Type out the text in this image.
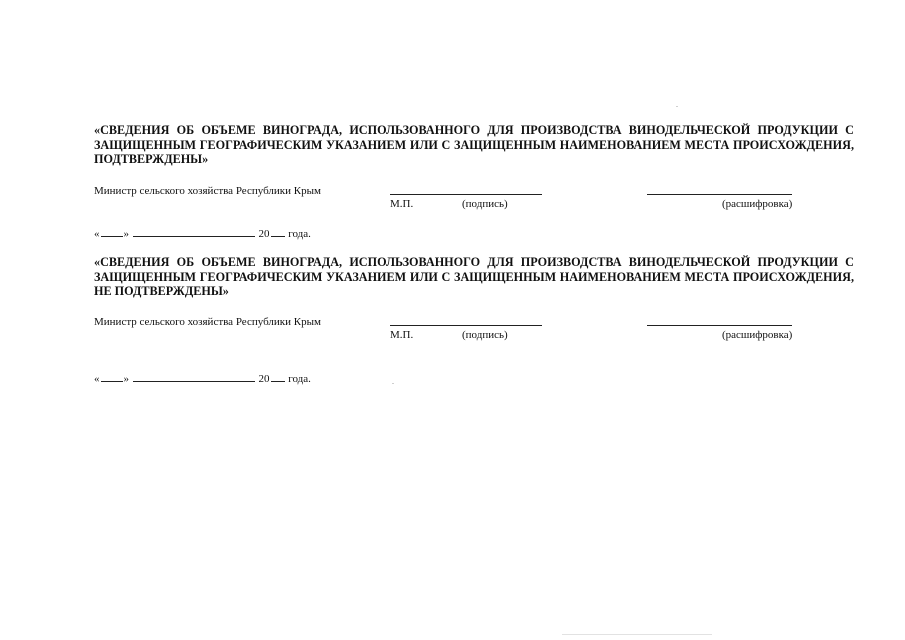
«СВЕДЕНИЯ ОБ ОБЪЕМЕ ВИНОГРАДА, ИСПОЛЬЗОВАННОГО ДЛЯ ПРОИЗВОДСТВА ВИНОДЕЛЬЧЕСКОЙ ПРОДУКЦИИ С ЗАЩИЩЕННЫМ ГЕОГРАФИЧЕСКИМ УКАЗАНИЕМ ИЛИ С ЗАЩИЩЕННЫМ НАИМЕНОВАНИЕМ МЕСТА ПРОИСХОЖДЕНИЯ, ПОДТВЕРЖДЕНЫ»
Министр сельского хозяйства Республики Крым
М.П.	(подпись)	(расшифровка)
« »	20 года.
«СВЕДЕНИЯ ОБ ОБЪЕМЕ ВИНОГРАДА, ИСПОЛЬЗОВАННОГО ДЛЯ ПРОИЗВОДСТВА ВИНОДЕЛЬЧЕСКОЙ ПРОДУКЦИИ С ЗАЩИЩЕННЫМ ГЕОГРАФИЧЕСКИМ УКАЗАНИЕМ ИЛИ С ЗАЩИЩЕННЫМ НАИМЕНОВАНИЕМ МЕСТА ПРОИСХОЖДЕНИЯ, НЕ ПОДТВЕРЖДЕНЫ»
Министр сельского хозяйства Республики Крым
М.П.	(подпись)	(расшифровка)
« »	20 года.
